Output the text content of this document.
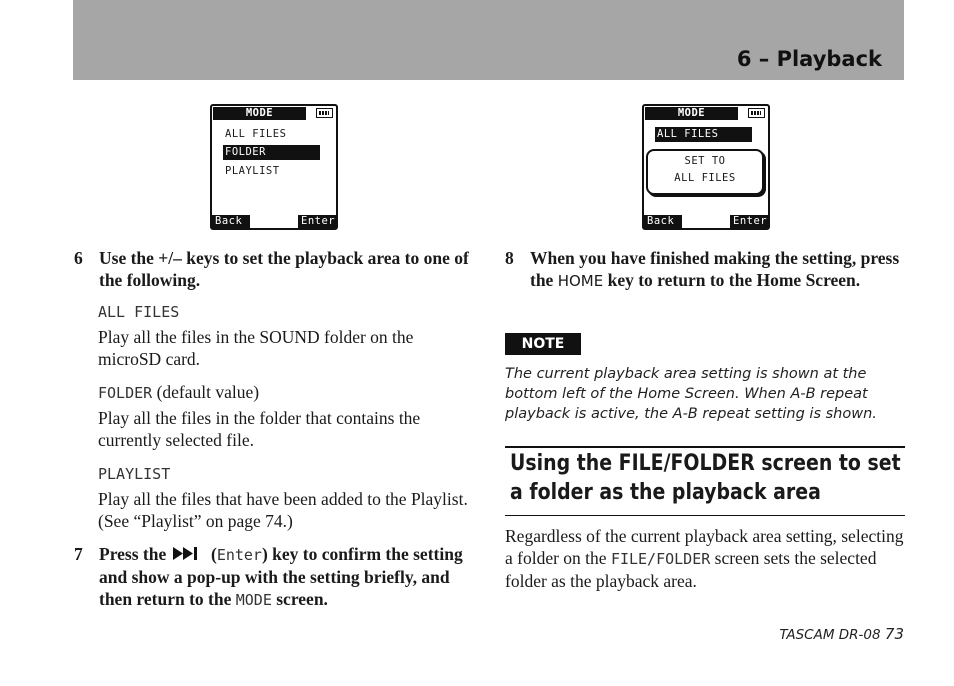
6 – Playback
MODE
ALL FILES
FOLDER
PLAYLIST
Back	Enter
MODE
ALL FILES
SET TO
ALL FILES
Back	Enter
6 Use the +/– keys to set the playback area to one of the following.
ALL FILES
Play all the files in the SOUND folder on the microSD card.
FOLDER (default value)
Play all the files in the folder that contains the currently selected file.
PLAYLIST
Play all the files that have been added to the Playlist. (See “Playlist” on page 74.)
7 Press the  (Enter) key to confirm the setting and show a pop-up with the setting briefly, and then return to the MODE screen.
8 When you have finished making the setting, press the HOME key to return to the Home Screen.
NOTE
The current playback area setting is shown at the bottom left of the Home Screen. When A-B repeat playback is active, the A-B repeat setting is shown.
Using the FILE/FOLDER screen to set a folder as the playback area
Regardless of the current playback area setting, selecting a folder on the FILE/FOLDER screen sets the selected folder as the playback area.
TASCAM DR-08 73
